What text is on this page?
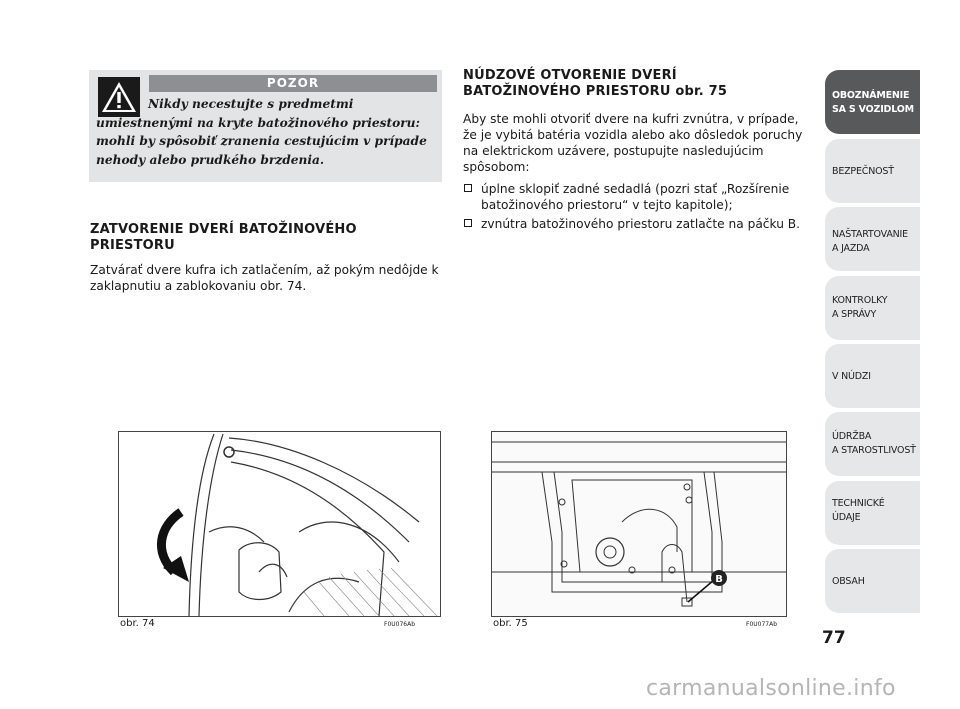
POZOR
Nikdy necestujte s predmetmi umiestnenými na kryte batožinového priestoru: mohli by spôsobiť zranenia cestujúcim v prípade nehody alebo prudkého brzdenia.
ZATVORENIE DVERÍ BATOŽINOVÉHO PRIESTORU
Zatvárať dvere kufra ich zatlačením, až pokým nedôjde k zaklapnutiu a zablokovaniu obr. 74.
NÚDZOVÉ OTVORENIE DVERÍ
BATOŽINOVÉHO PRIESTORU obr. 75
Aby ste mohli otvoriť dvere na kufri zvnútra, v prípade, že je vybitá batéria vozidla alebo ako dôsledok poruchy na elektrickom uzávere, postupujte nasledujúcim spôsobom:
úplne sklopiť zadné sedadlá (pozri stať „Rozšírenie batožinového priestoru“ v tejto kapitole);
zvnútra batožinového priestoru zatlačte na páčku B.
obr. 74	F0U076Ab
B
obr. 75	F0U077Ab
OBOZNÁMENIE
SA S VOZIDLOM
BEZPEČNOSŤ
NAŠTARTOVANIE
A JAZDA
KONTROLKY
A SPRÁVY
V NÚDZI
ÚDRŽBA
A STAROSTLIVOSŤ
TECHNICKÉ
ÚDAJE
OBSAH
77
carmanualsonline.info
